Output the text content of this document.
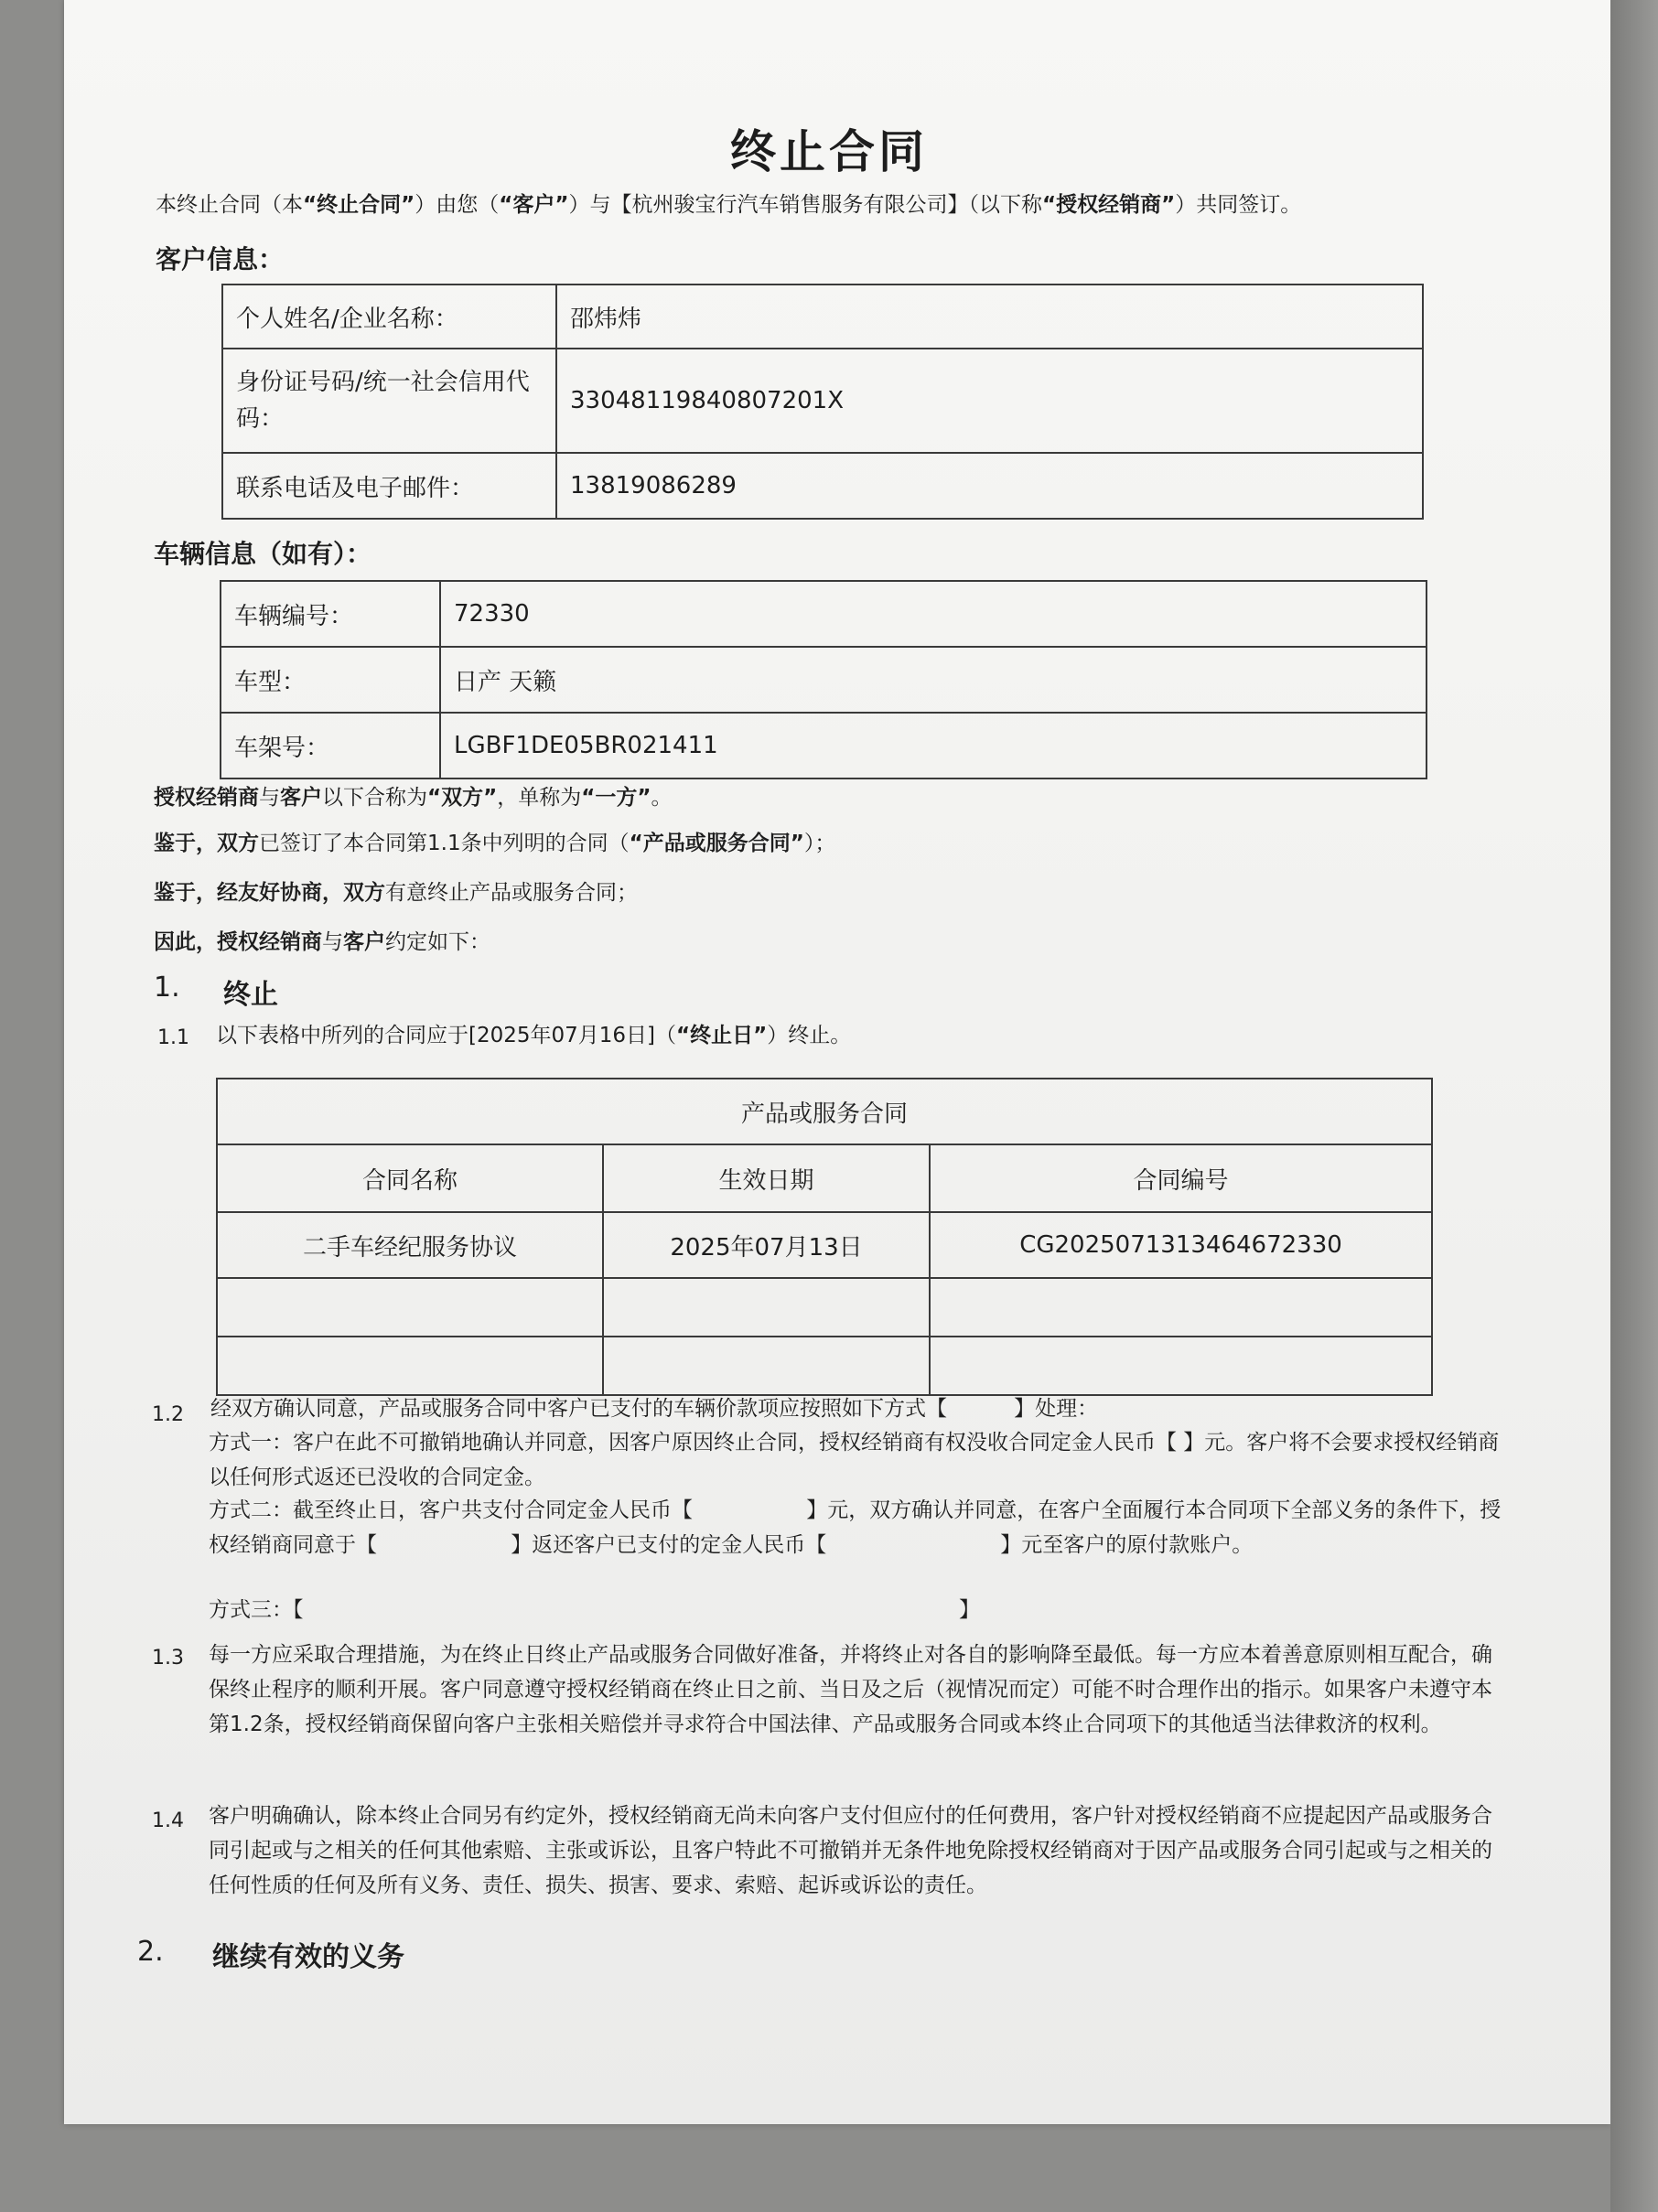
终止合同
本终止合同（本“终止合同”）由您（“客户”）与【杭州骏宝行汽车销售服务有限公司】（以下称“授权经销商”）共同签订。
客户信息：
个人姓名/企业名称：	邵炜炜
身份证号码/统一社会信用代码：	33048119840807201X
联系电话及电子邮件：	13819086289
车辆信息（如有）：
车辆编号：	72330
车型：	日产 天籁
车架号：	LGBF1DE05BR021411
授权经销商与客户以下合称为“双方”，单称为“一方”。
鉴于，双方已签订了本合同第1.1条中列明的合同（“产品或服务合同”）；
鉴于，经友好协商，双方有意终止产品或服务合同；
因此，授权经销商与客户约定如下：
1. 终止
1.1 以下表格中所列的合同应于[2025年07月16日]（“终止日”）终止。
产品或服务合同		
合同名称	生效日期	合同编号
二手车经纪服务协议	2025年07月13日	CG2025071313464672330

1.2 经双方确认同意，产品或服务合同中客户已支付的车辆价款项应按照如下方式【          】处理：
方式一：客户在此不可撤销地确认并同意，因客户原因终止合同，授权经销商有权没收合同定金人民币【 】元。客户将不会要求授权经销商以任何形式返还已没收的合同定金。
方式二：截至终止日，客户共支付合同定金人民币【                 】元，双方确认并同意，在客户全面履行本合同项下全部义务的条件下，授权经销商同意于【                    】返还客户已支付的定金人民币【                          】元至客户的原付款账户。
方式三：【                                                                                                  】
1.3 每一方应采取合理措施，为在终止日终止产品或服务合同做好准备，并将终止对各自的影响降至最低。每一方应本着善意原则相互配合，确保终止程序的顺利开展。客户同意遵守授权经销商在终止日之前、当日及之后（视情况而定）可能不时合理作出的指示。如果客户未遵守本第1.2条，授权经销商保留向客户主张相关赔偿并寻求符合中国法律、产品或服务合同或本终止合同项下的其他适当法律救济的权利。
1.4 客户明确确认，除本终止合同另有约定外，授权经销商无尚未向客户支付但应付的任何费用，客户针对授权经销商不应提起因产品或服务合同引起或与之相关的任何其他索赔、主张或诉讼，且客户特此不可撤销并无条件地免除授权经销商对于因产品或服务合同引起或与之相关的任何性质的任何及所有义务、责任、损失、损害、要求、索赔、起诉或诉讼的责任。
2. 继续有效的义务
